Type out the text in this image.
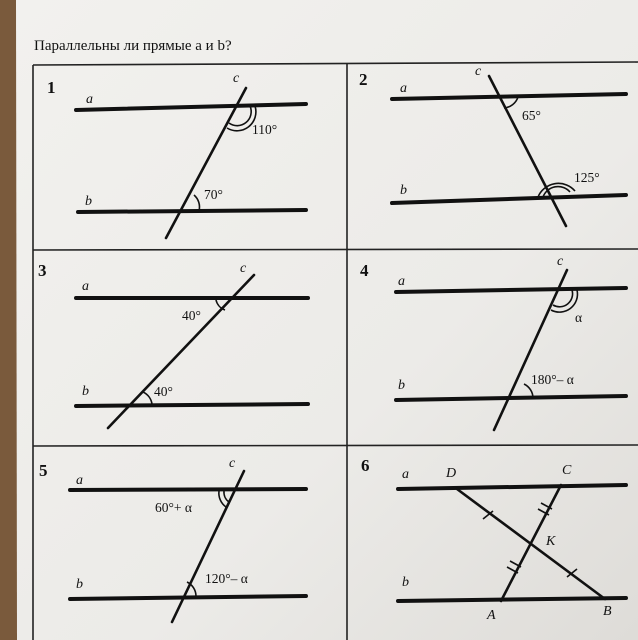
Параллельны ли прямые a и b?
1
a
b
c
110°
70°
2 a
b
c
65°
125°
3
a
b
c
40°
40°
4
a
b
c
α
180°– α
5
a
b
c
60°+ α
120°– α
6 a
b
D	C
K
A	B
